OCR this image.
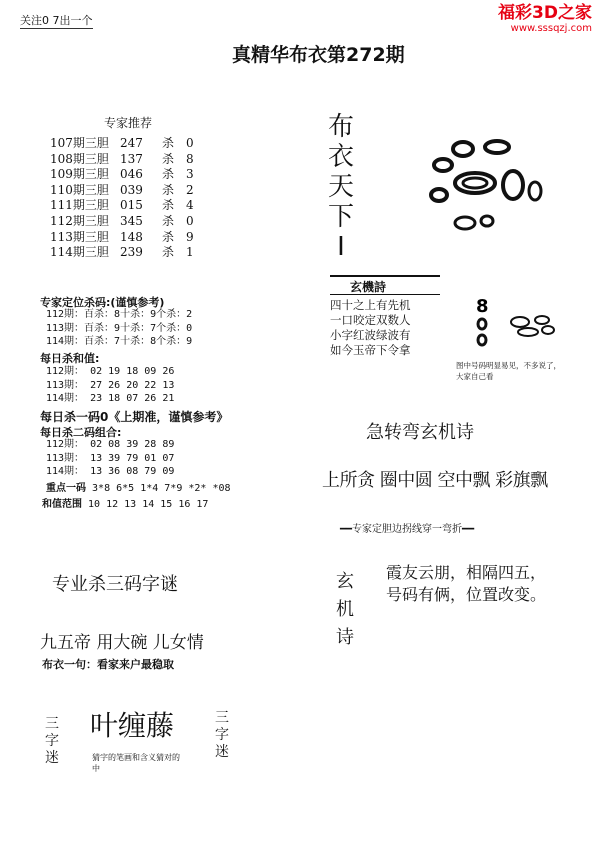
关注0 7出一个	福彩3D之家
www.sssqzj.com
真精华布衣第272期
专家推荐
107期三胆 247 杀 0
108期三胆 137 杀 8
109期三胆 046 杀 3
110期三胆 039 杀 2
111期三胆 015 杀 4
112期三胆 345 杀 0
113期三胆 148 杀 9
114期三胆 239 杀 1
专家定位杀码:(谨慎参考)
112期：百杀：8十杀：9个杀：2
113期：百杀：9十杀：7个杀：0
114期：百杀：7十杀：8个杀：9
每日杀和值:
112期： 02 19 18 09 26
113期： 27 26 20 22 13
114期： 23 18 07 26 21
每日杀一码0《上期准，谨慎参考》
每日杀二码组合:
112期： 02 08 39 28 89
113期： 13 39 79 01 07
114期： 13 36 08 79 09
重点一码 3*8 6*5 1*4 7*9 *2* *08
和值范围 10 12 13 14 15 16 17
专业杀三码字谜
九五帝 用大碗 儿女情
布衣一句：看家来户最稳取
三字迷
叶缠藤	三字迷
猜字的笔画和含义猜对的中
布衣天下I
玄機詩
四十之上有先机
一口咬定双数人
小字红波绿波有
如今玉帝下令拿
8
图中号码明显易见，不多说了，大家自己看
急转弯玄机诗
上所贪 圈中圆 空中飘 彩旗飘
━━专家定胆边拐线穿一弯折━━
玄机诗
霞友云朋，相隔四五，
号码有俩，位置改变。
